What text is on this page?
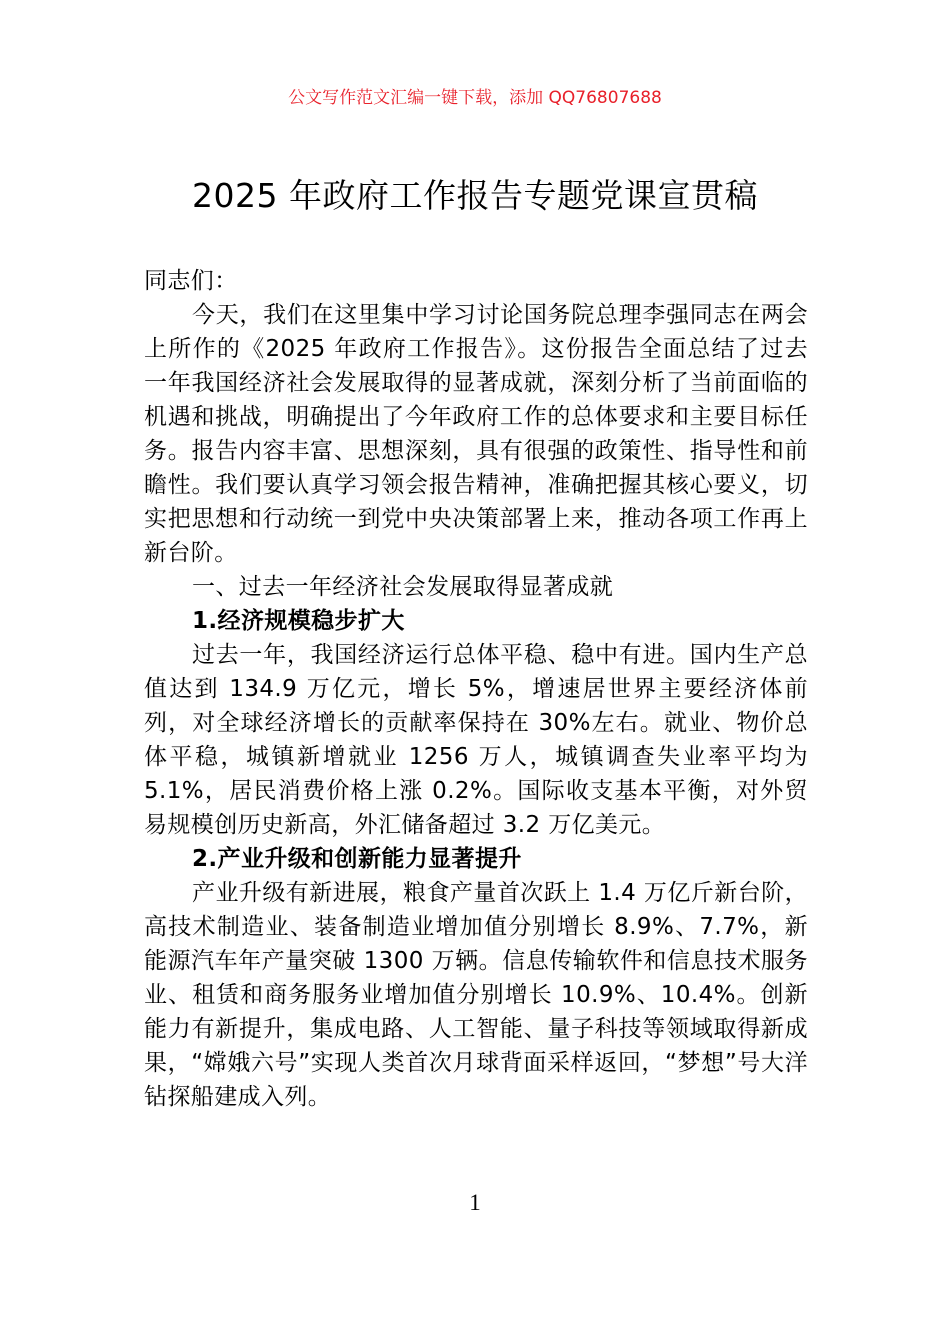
公文写作范文汇编一键下载，添加 QQ76807688
2025 年政府工作报告专题党课宣贯稿

同志们：

今天，我们在这里集中学习讨论国务院总理李强同志在两会上所作的《2025 年政府工作报告》。这份报告全面总结了过去一年我国经济社会发展取得的显著成就，深刻分析了当前面临的机遇和挑战，明确提出了今年政府工作的总体要求和主要目标任务。报告内容丰富、思想深刻，具有很强的政策性、指导性和前瞻性。我们要认真学习领会报告精神，准确把握其核心要义，切实把思想和行动统一到党中央决策部署上来，推动各项工作再上新台阶。

一、过去一年经济社会发展取得显著成就

1.经济规模稳步扩大

过去一年，我国经济运行总体平稳、稳中有进。国内生产总值达到 134.9 万亿元，增长 5%，增速居世界主要经济体前列，对全球经济增长的贡献率保持在 30%左右。就业、物价总体平稳，城镇新增就业 1256 万人，城镇调查失业率平均为 5.1%，居民消费价格上涨 0.2%。国际收支基本平衡，对外贸易规模创历史新高，外汇储备超过 3.2 万亿美元。

2.产业升级和创新能力显著提升

产业升级有新进展，粮食产量首次跃上 1.4 万亿斤新台阶，高技术制造业、装备制造业增加值分别增长 8.9%、7.7%，新能源汽车年产量突破 1300 万辆。信息传输软件和信息技术服务业、租赁和商务服务业增加值分别增长 10.9%、10.4%。创新能力有新提升，集成电路、人工智能、量子科技等领域取得新成果，“嫦娥六号”实现人类首次月球背面采样返回，“梦想”号大洋钻探船建成入列。

1
